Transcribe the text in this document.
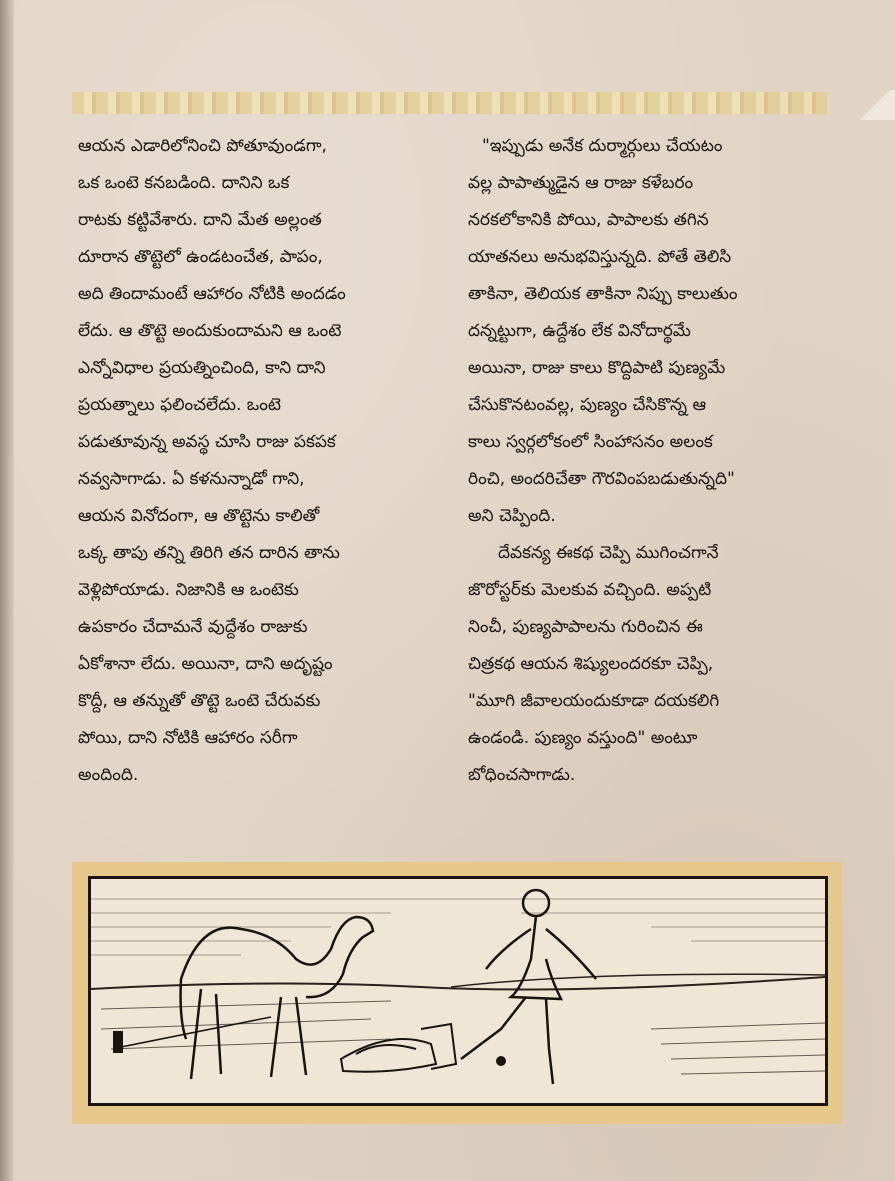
ఆయన ఎడారిలోనించి పోతూవుండగా,

ఒక ఒంటె కనబడింది. దానిని ఒక

రాటకు కట్టివేశారు. దాని మేత అల్లంత

దూరాన తొట్టెలో ఉండటంచేత, పాపం,

అది తిందామంటే ఆహారం నోటికి అందడం

లేదు. ఆ తొట్టె అందుకుందామని ఆ ఒంటె

ఎన్నోవిధాల ప్రయత్నించింది, కాని దాని

ప్రయత్నాలు ఫలించలేదు. ఒంటె

పడుతూవున్న అవస్థ చూసి రాజు పకపక

నవ్వసాగాడు. ఏ కళనున్నాడో గాని,

ఆయన వినోదంగా, ఆ తొట్టెను కాలితో

ఒక్క తాపు తన్ని తిరిగి తన దారిన తాను

వెళ్లిపోయాడు. నిజానికి ఆ ఒంటెకు

ఉపకారం చేదామనే వుద్దేశం రాజుకు

ఏకోశానా లేదు. అయినా, దాని అదృష్టం

కొద్దీ, ఆ తన్నుతో తొట్టె ఒంటె చేరువకు

పోయి, దాని నోటికి ఆహారం సరీగా

అందింది.

"ఇప్పుడు అనేక దుర్మార్గులు చేయటం

వల్ల పాపాత్ముడైన ఆ రాజు కళేబరం

నరకలోకానికి పోయి, పాపాలకు తగిన

యాతనలు అనుభవిస్తున్నది. పోతే తెలిసి

తాకినా, తెలియక తాకినా నిప్పు కాలుతుం

దన్నట్టుగా, ఉద్దేశం లేక వినోదార్థమే

అయినా, రాజు కాలు కొద్దిపాటి పుణ్యమే

చేసుకొనటంవల్ల, పుణ్యం చేసికొన్న ఆ

కాలు స్వర్గలోకంలో సింహాసనం అలంక

రించి, అందరిచేతా గౌరవింపబడుతున్నది"

అని చెప్పింది.

దేవకన్య ఈకథ చెప్పి ముగించగానే

జొరోస్టర్‌కు మెలకువ వచ్చింది. అప్పటి

నించీ, పుణ్యపాపాలను గురించిన ఈ

చిత్రకథ ఆయన శిష్యులందరకూ చెప్పి,

"మూగి జీవాలయందుకూడా దయకలిగి

ఉండండి. పుణ్యం వస్తుంది" అంటూ

బోధించసాగాడు.
